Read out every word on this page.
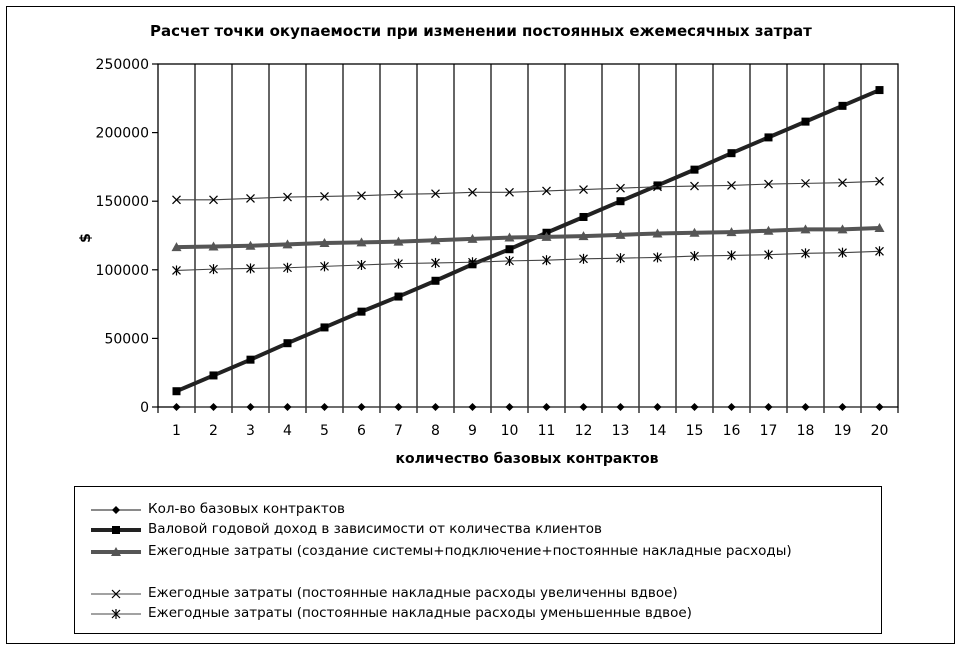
Расчет точки окупаемости при изменении постоянных ежемесячных затрат
0
50000
100000
150000
200000
250000
1 2 3 4 5 6 7 8 9 10 11 12 13 14 15 16 17 18 19 20
количество базовых контрактов
$
Кол-во базовых контрактов
Валовой годовой доход в зависимости от количества клиентов
Ежегодные затраты (создание системы+подключение+постоянные накладные расходы)
Ежегодные затраты (постоянные накладные расходы увеличенны вдвое)
Ежегодные затраты (постоянные накладные расходы уменьшенные вдвое)
